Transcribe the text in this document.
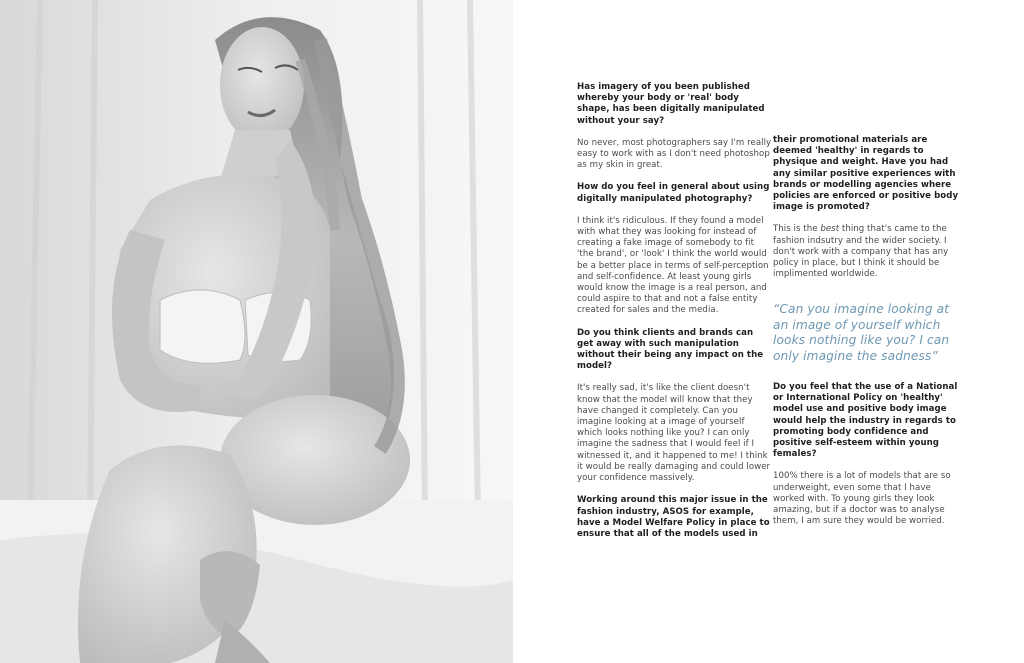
Has imagery of you been published whereby your body or 'real' body shape, has been digitally manipulated without your say?

No never, most photographers say I'm really easy to work with as I don't need photoshop as my skin in great.

How do you feel in general about using digitally manipulated photography?

I think it's ridiculous. If they found a model with what they was looking for instead of creating a fake image of somebody to fit 'the brand', or 'look' I think the world would be a better place in terms of self-perception and self-confidence. At least young girls would know the image is a real person, and could aspire to that and not a false entity created for sales and the media.

Do you think clients and brands can get away with such manipulation without their being any impact on the model?

It's really sad, it's like the client doesn't know that the model will know that they have changed it completely. Can you imagine looking at a image of yourself which looks nothing like you? I can only imagine the sadness that I would feel if I witnessed it, and it happened to me! I think it would be really damaging and could lower your confidence massively.

Working around this major issue in the fashion industry, ASOS for example, have a Model Welfare Policy in place to ensure that all of the models used in

their promotional materials are deemed 'healthy' in regards to physique and weight. Have you had any similar positive experiences with brands or modelling agencies where policies are enforced or positive body image is promoted?

This is the best thing that's came to the fashion indsutry and the wider society. I don't work with a company that has any policy in place, but I think it should be implimented worldwide.

“Can you imagine looking at an image of yourself which looks nothing like you? I can only imagine the sadness”

Do you feel that the use of a National or International Policy on 'healthy' model use and positive body image would help the industry in regards to promoting body confidence and positive self-esteem within young females?

100% there is a lot of models that are so underweight, even some that I have worked with. To young girls they look amazing, but if a doctor was to analyse them, I am sure they would be worried.
